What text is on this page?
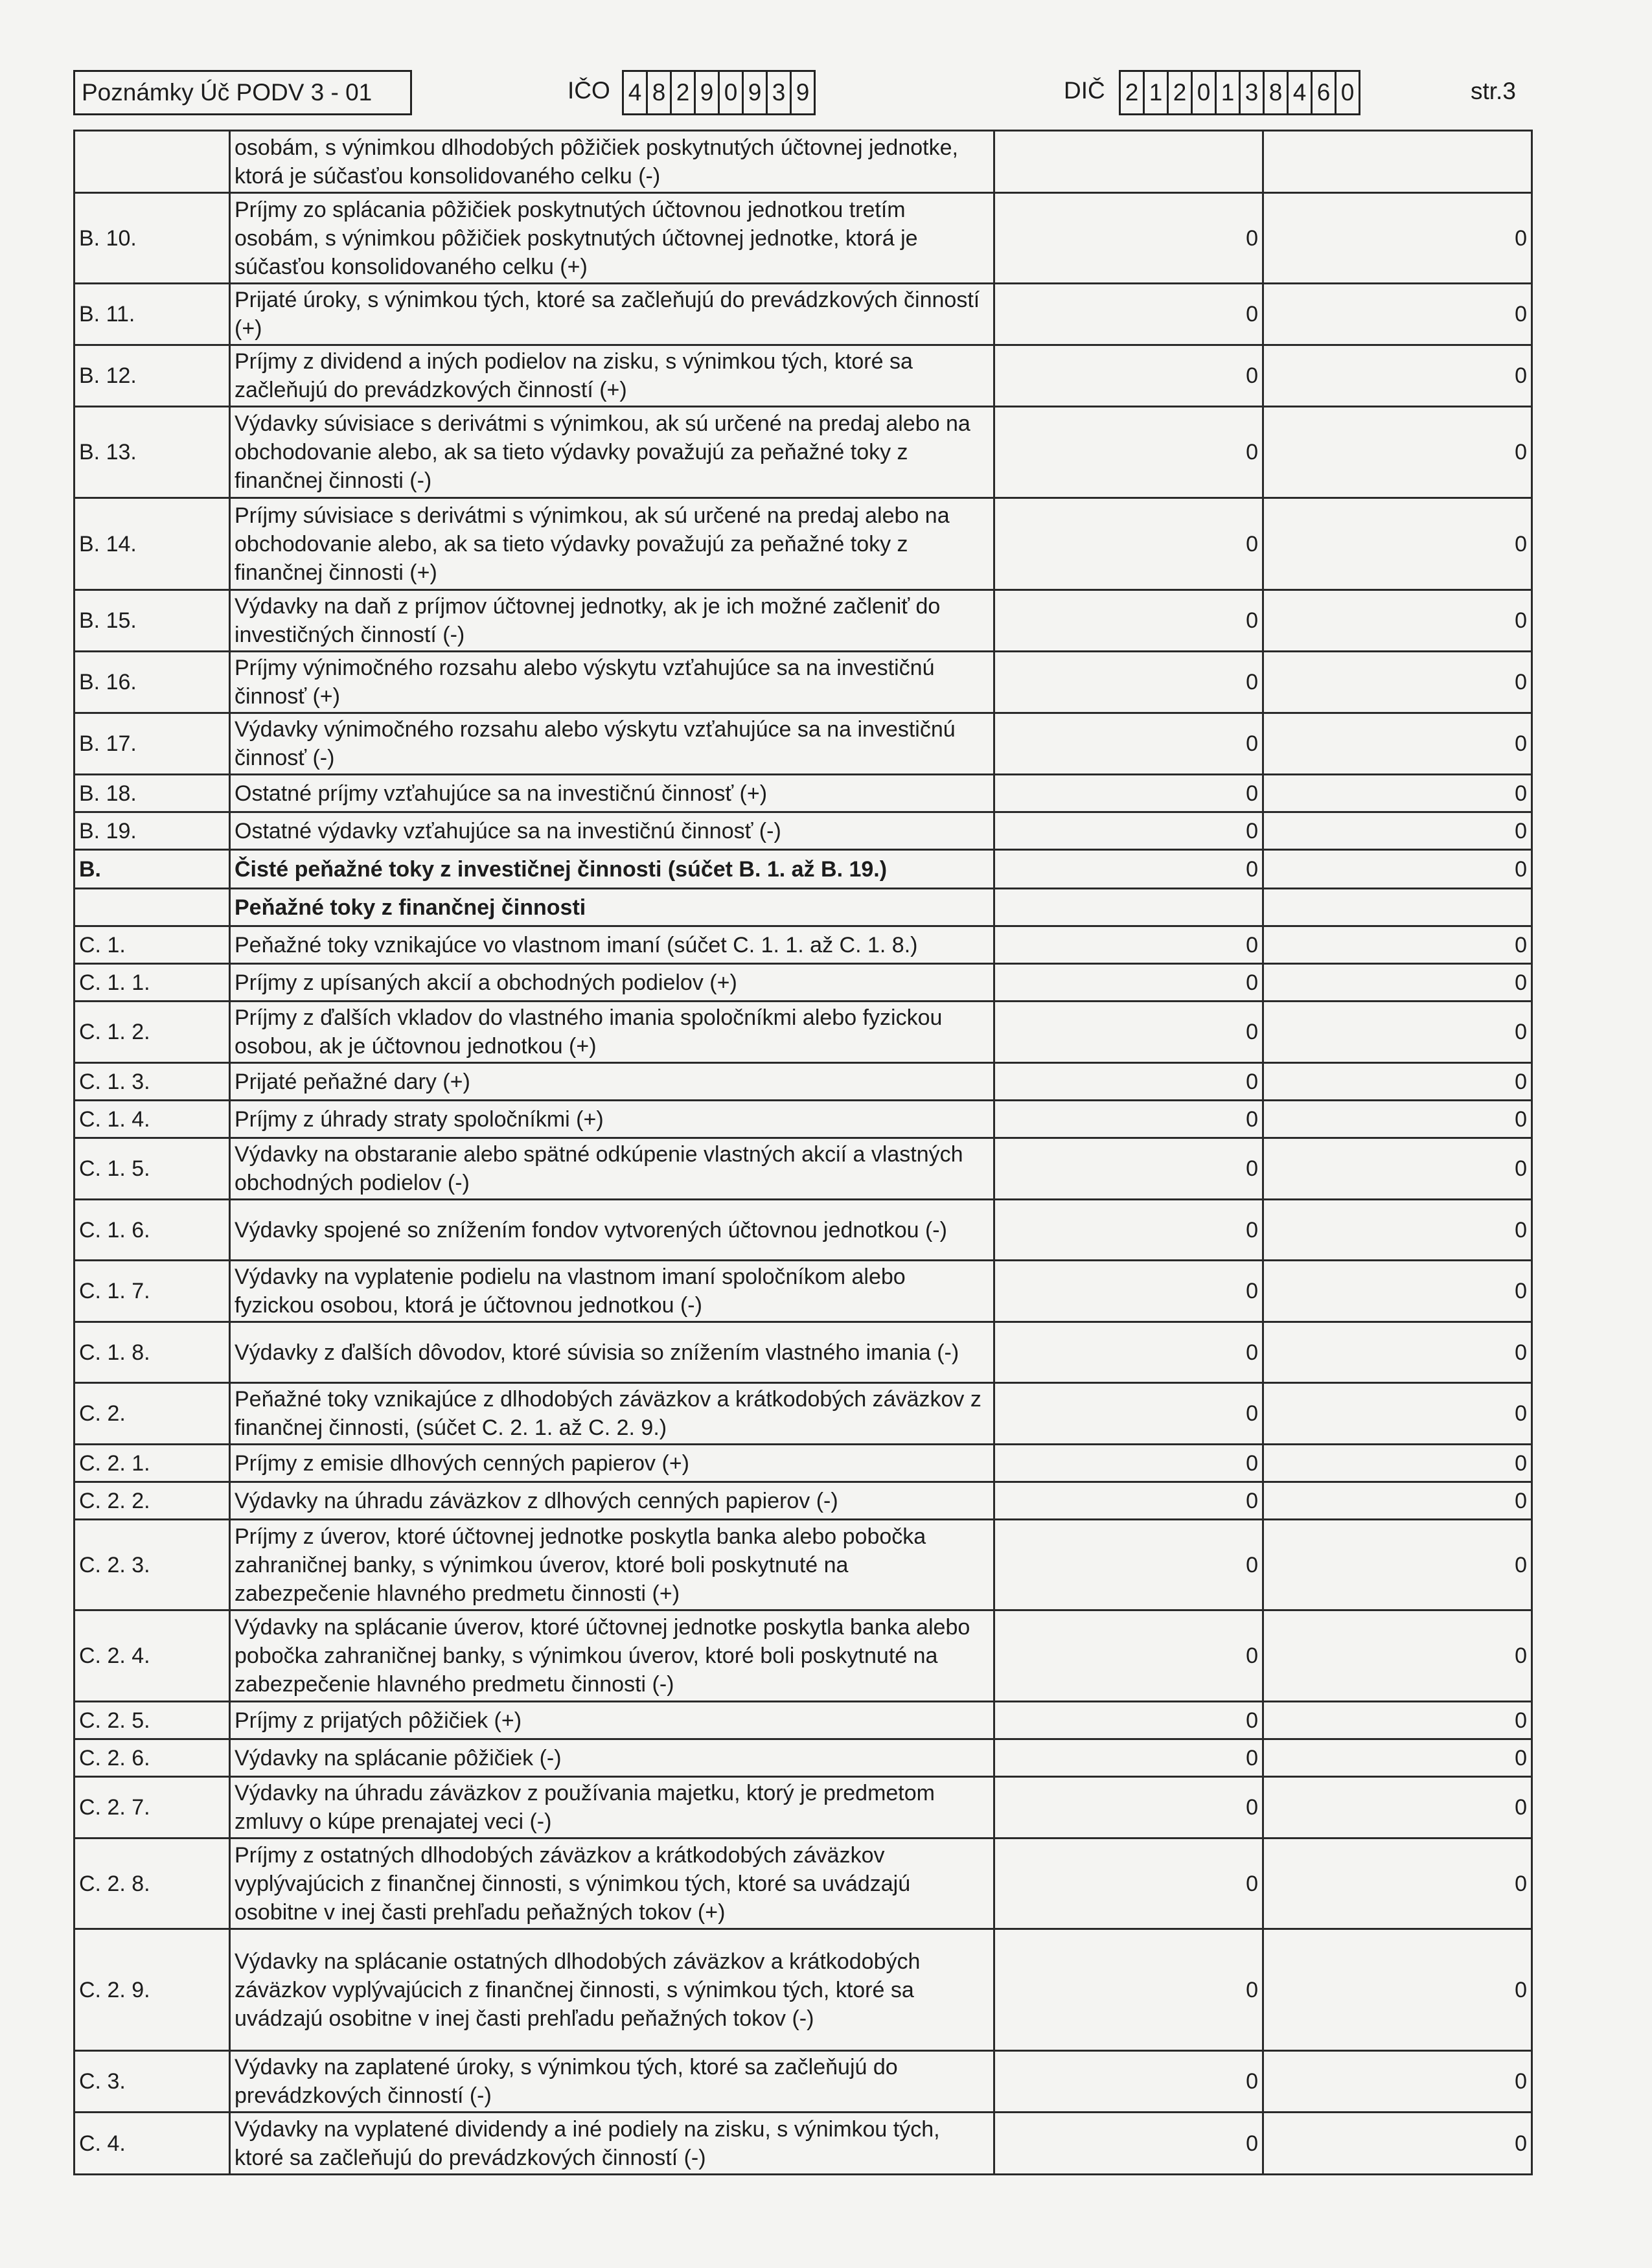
Poznámky Úč PODV 3 - 01	IČO 4 8 2 9 0 9 3 9	DIČ 2 1 2 0 1 3 8 4 6 0	str.3
	osobám, s výnimkou dlhodobých pôžičiek poskytnutých účtovnej jednotke, ktorá je súčasťou konsolidovaného celku (-)		
B. 10.	Príjmy zo splácania pôžičiek poskytnutých účtovnou jednotkou tretím osobám, s výnimkou pôžičiek poskytnutých účtovnej jednotke, ktorá je súčasťou konsolidovaného celku (+)	0	0
B. 11.	Prijaté úroky, s výnimkou tých, ktoré sa začleňujú do prevádzkových činností (+)	0	0
B. 12.	Príjmy z dividend a iných podielov na zisku, s výnimkou tých, ktoré sa začleňujú do prevádzkových činností (+)	0	0
B. 13.	Výdavky súvisiace s derivátmi s výnimkou, ak sú určené na predaj alebo na obchodovanie alebo, ak sa tieto výdavky považujú za peňažné toky z finančnej činnosti (-)	0	0
B. 14.	Príjmy súvisiace s derivátmi s výnimkou, ak sú určené na predaj alebo na obchodovanie alebo, ak sa tieto výdavky považujú za peňažné toky z finančnej činnosti (+)	0	0
B. 15.	Výdavky na daň z príjmov účtovnej jednotky, ak je ich možné začleniť do investičných činností (-)	0	0
B. 16.	Príjmy výnimočného rozsahu alebo výskytu vzťahujúce sa na investičnú činnosť (+)	0	0
B. 17.	Výdavky výnimočného rozsahu alebo výskytu vzťahujúce sa na investičnú činnosť (-)	0	0
B. 18.	Ostatné príjmy vzťahujúce sa na investičnú činnosť (+)	0	0
B. 19.	Ostatné výdavky vzťahujúce sa na investičnú činnosť (-)	0	0
B.	Čisté peňažné toky z investičnej činnosti (súčet B. 1. až B. 19.)	0	0
	Peňažné toky z finančnej činnosti		
C. 1.	Peňažné toky vznikajúce vo vlastnom imaní (súčet C. 1. 1. až C. 1. 8.)	0	0
C. 1. 1.	Príjmy z upísaných akcií a obchodných podielov (+)	0	0
C. 1. 2.	Príjmy z ďalších vkladov do vlastného imania spoločníkmi alebo fyzickou osobou, ak je účtovnou jednotkou (+)	0	0
C. 1. 3.	Prijaté peňažné dary (+)	0	0
C. 1. 4.	Príjmy z úhrady straty spoločníkmi (+)	0	0
C. 1. 5.	Výdavky na obstaranie alebo spätné odkúpenie vlastných akcií a vlastných obchodných podielov (-)	0	0
C. 1. 6.	Výdavky spojené so znížením fondov vytvorených účtovnou jednotkou (-)	0	0
C. 1. 7.	Výdavky na vyplatenie podielu na vlastnom imaní spoločníkom alebo fyzickou osobou, ktorá je účtovnou jednotkou (-)	0	0
C. 1. 8.	Výdavky z ďalších dôvodov, ktoré súvisia so znížením vlastného imania (-)	0	0
C. 2.	Peňažné toky vznikajúce z dlhodobých záväzkov a krátkodobých záväzkov z finančnej činnosti, (súčet C. 2. 1. až C. 2. 9.)	0	0
C. 2. 1.	Príjmy z emisie dlhových cenných papierov (+)	0	0
C. 2. 2.	Výdavky na úhradu záväzkov z dlhových cenných papierov (-)	0	0
C. 2. 3.	Príjmy z úverov, ktoré účtovnej jednotke poskytla banka alebo pobočka zahraničnej banky, s výnimkou úverov, ktoré boli poskytnuté na zabezpečenie hlavného predmetu činnosti (+)	0	0
C. 2. 4.	Výdavky na splácanie úverov, ktoré účtovnej jednotke poskytla banka alebo pobočka zahraničnej banky, s výnimkou úverov, ktoré boli poskytnuté na zabezpečenie hlavného predmetu činnosti (-)	0	0
C. 2. 5.	Príjmy z prijatých pôžičiek (+)	0	0
C. 2. 6.	Výdavky na splácanie pôžičiek (-)	0	0
C. 2. 7.	Výdavky na úhradu záväzkov z používania majetku, ktorý je predmetom zmluvy o kúpe prenajatej veci (-)	0	0
C. 2. 8.	Príjmy z ostatných dlhodobých záväzkov a krátkodobých záväzkov vyplývajúcich z finančnej činnosti, s výnimkou tých, ktoré sa uvádzajú osobitne v inej časti prehľadu peňažných tokov (+)	0	0
C. 2. 9.	Výdavky na splácanie ostatných dlhodobých záväzkov a krátkodobých záväzkov vyplývajúcich z finančnej činnosti, s výnimkou tých, ktoré sa uvádzajú osobitne v inej časti prehľadu peňažných tokov (-)	0	0
C. 3.	Výdavky na zaplatené úroky, s výnimkou tých, ktoré sa začleňujú do prevádzkových činností (-)	0	0
C. 4.	Výdavky na vyplatené dividendy a iné podiely na zisku, s výnimkou tých, ktoré sa začleňujú do prevádzkových činností (-)	0	0
